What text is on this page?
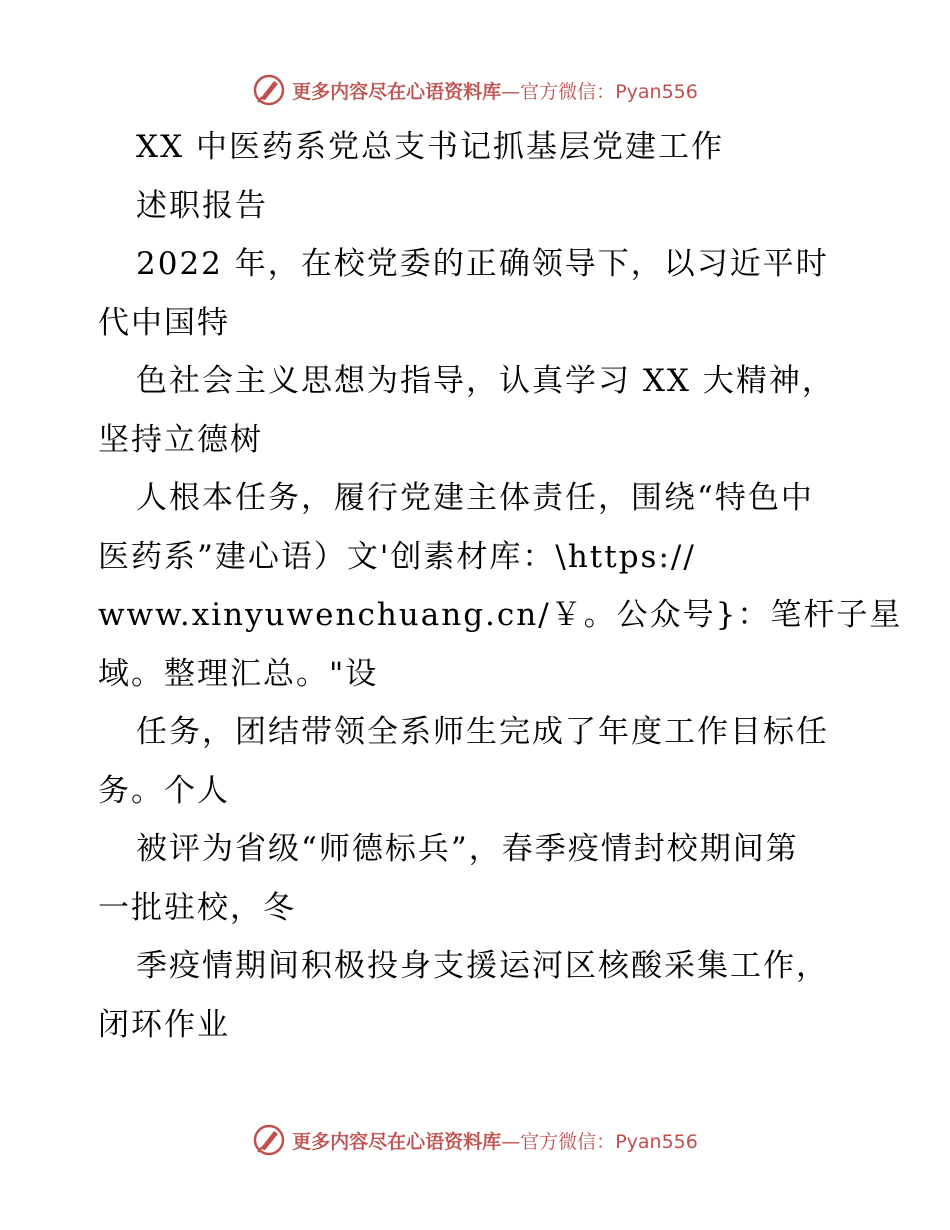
更多内容尽在心语资料库—官方微信：Pyan556
XX 中医药系党总支书记抓基层党建工作
述职报告
2022 年，在校党委的正确领导下，以习近平时
代中国特
色社会主义思想为指导，认真学习 XX 大精神，
坚持立德树
人根本任务，履行党建主体责任，围绕“特色中
医药系”建心语）文'创素材库：\https://
www.xinyuwenchuang.cn/￥。公众号}：笔杆子星
域。整理汇总。"设
任务，团结带领全系师生完成了年度工作目标任
务。个人
被评为省级“师德标兵”，春季疫情封校期间第
一批驻校，冬
季疫情期间积极投身支援运河区核酸采集工作，
闭环作业
更多内容尽在心语资料库—官方微信：Pyan556
